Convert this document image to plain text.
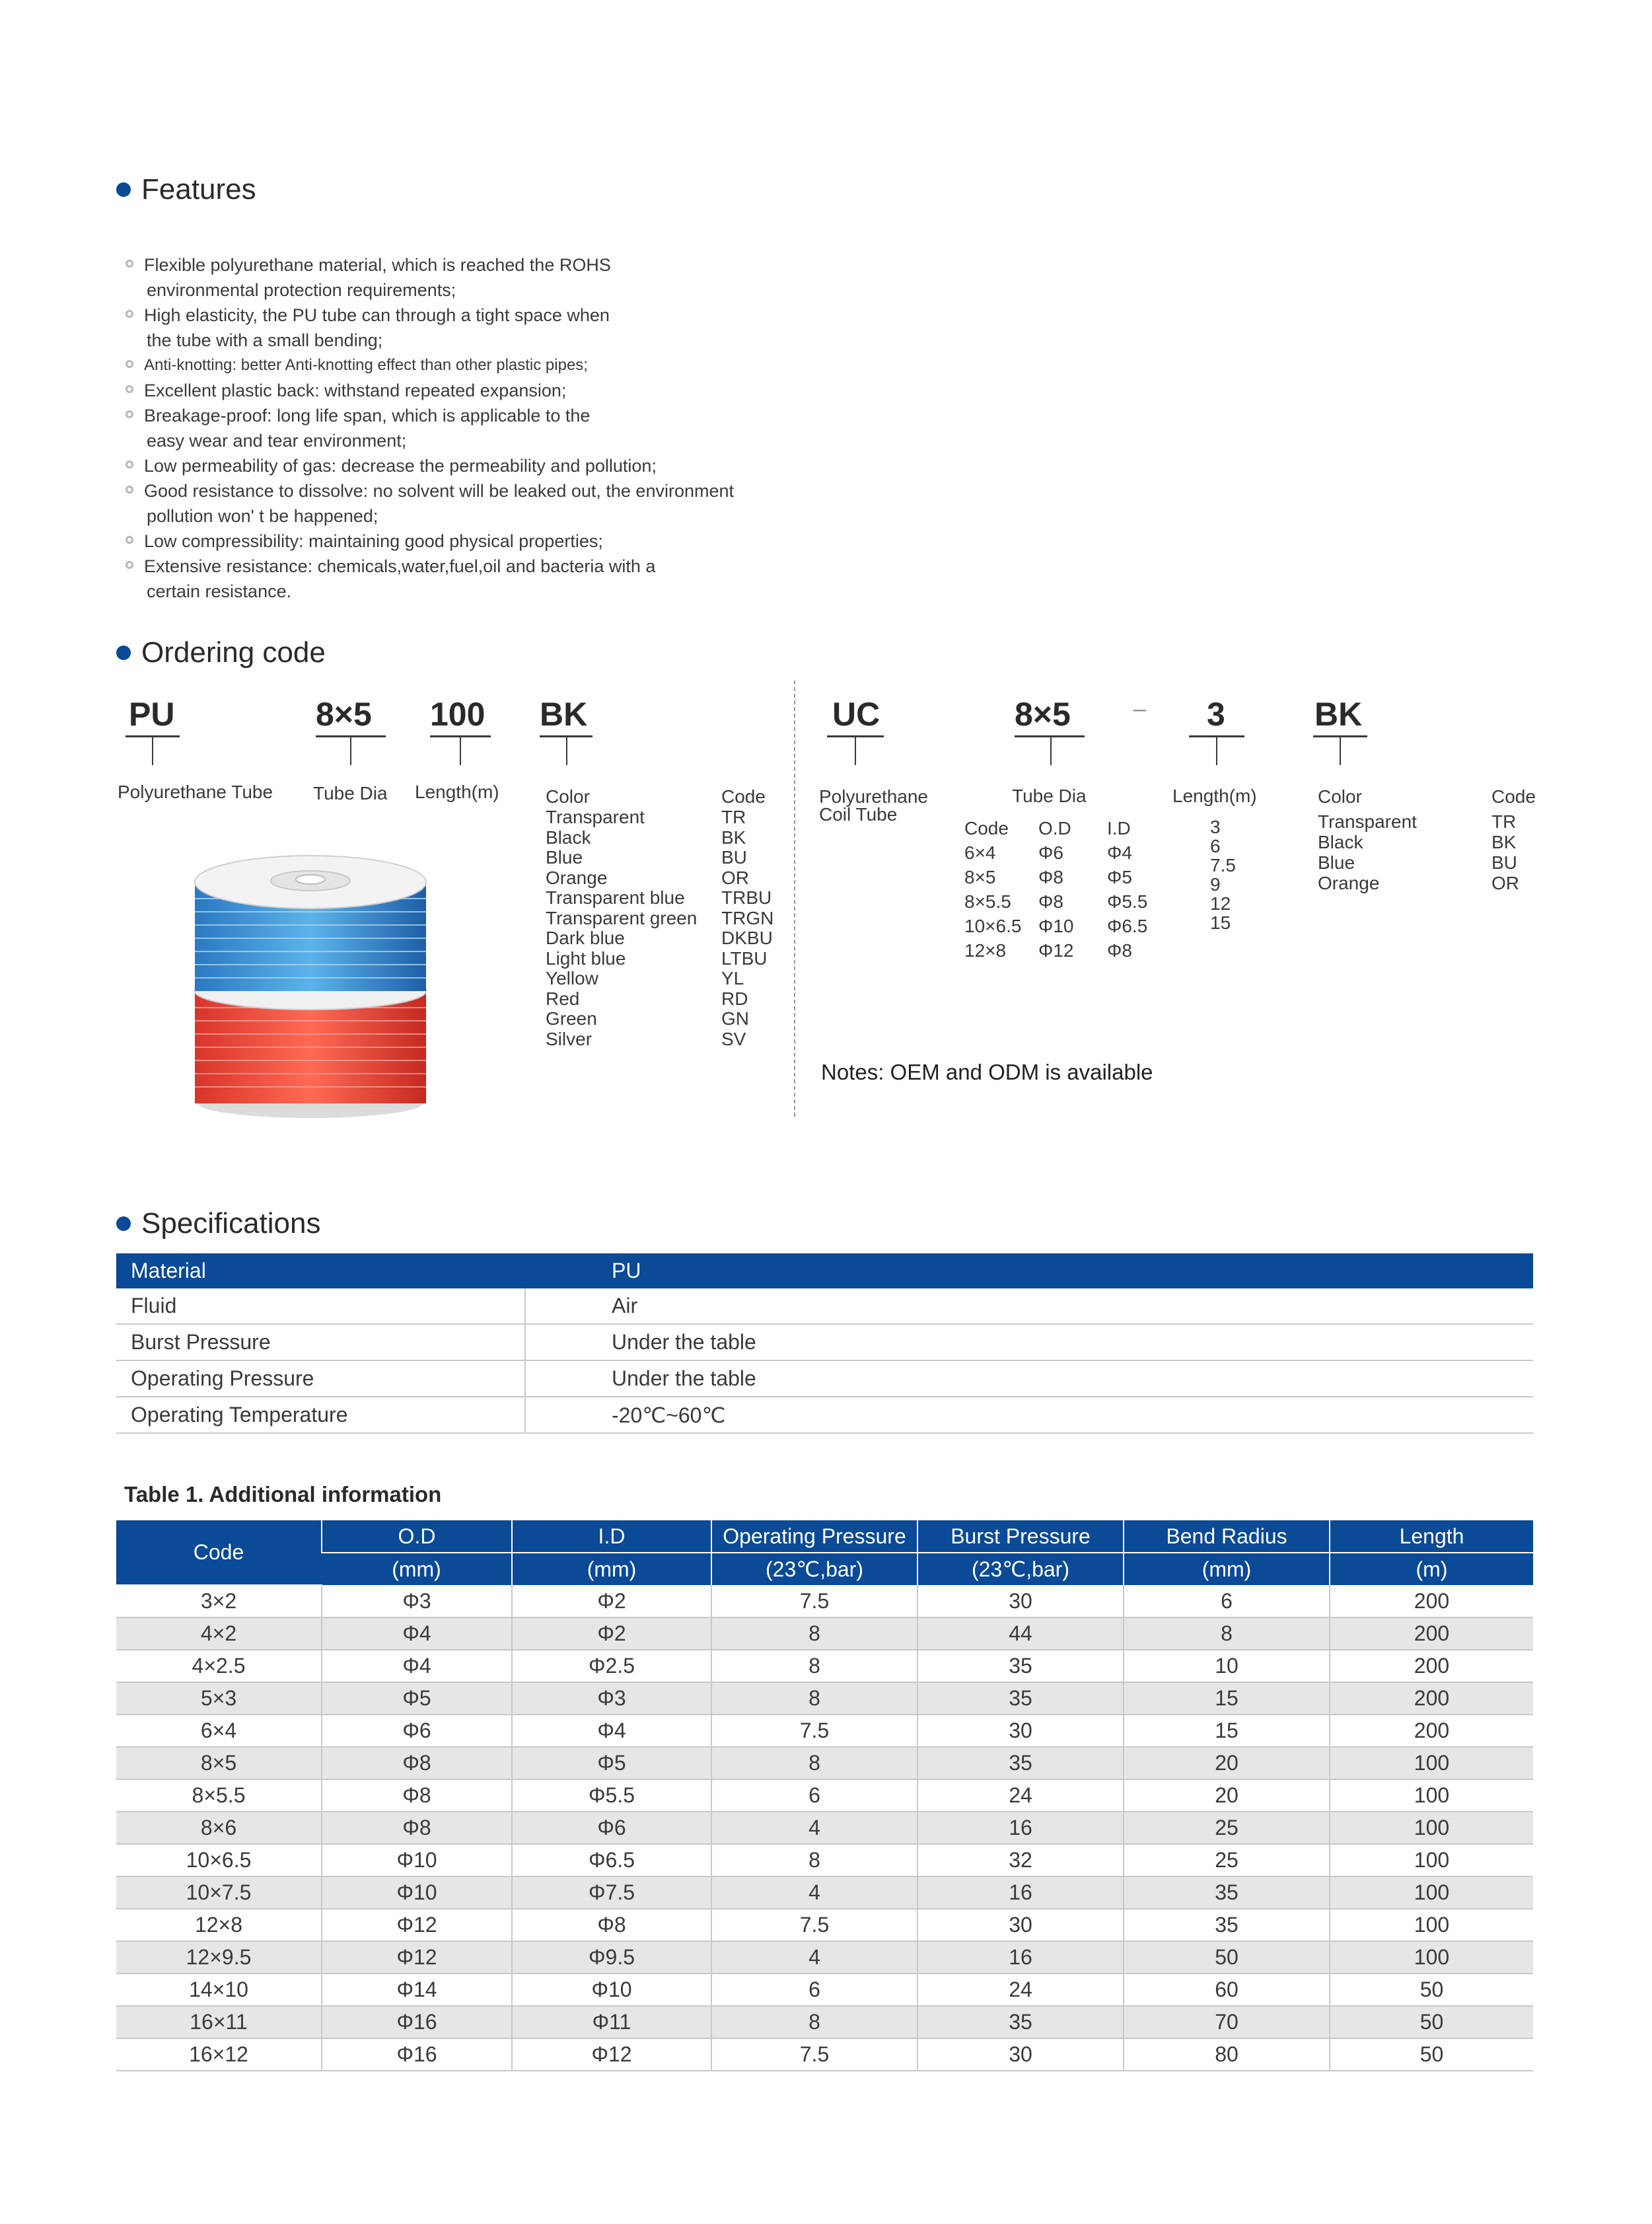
Features

Flexible polyurethane material, which is reached the ROHS
environmental protection requirements;

High elasticity, the PU tube can through a tight space when
the tube with a small bending;

Anti-knotting: better Anti-knotting effect than other plastic pipes;

Excellent plastic back: withstand repeated expansion;

Breakage-proof: long life span, which is applicable to the
easy wear and tear environment;

Low permeability of gas: decrease the permeability and pollution;

Good resistance to dissolve: no solvent will be leaked out, the environment
pollution won' t be happened;

Low compressibility: maintaining good physical properties;

Extensive resistance: chemicals,water,fuel,oil and bacteria with a
certain resistance.

Ordering code
PU	8×5 100 BK
Polyurethane Tube Tube Dia Length(m)	Color	Code
Transparent	TR
Black	BK
Blue	BU
Orange	OR
Transparent blue	TRBU
Transparent green	TRGN
Dark blue	DKBU
Light blue	LTBU
Yellow	YL
Red	RD
Green	GN
Silver	SV
UC	8×5	– 3	BK
Polyurethane
Coil Tube
Tube Dia	Length(m)
Code	O.D	I.D
6×4	Φ6	Φ4
8×5	Φ8	Φ5
8×5.5	Φ8	Φ5.5
10×6.5 Φ10	Φ6.5
12×8	Φ12	Φ8
3
6
7.5
9
12
15
Color	Code
Transparent	TR
Black	BK
Blue	BU
Orange	OR
Notes: OEM and ODM is available
Specifications
Material	PU
Fluid	Air
Burst Pressure	Under the table
Operating Pressure	Under the table
Operating Temperature	-20℃~60℃
Table 1. Additional information
Code	O.D	I.D	Operating Pressure	Burst Pressure	Bend Radius	Length
	(mm)	(mm)	(23℃,bar)	(23℃,bar)	(mm)	(m)
3×2	Φ3	Φ2	7.5	30	6	200
4×2	Φ4	Φ2	8	44	8	200
4×2.5	Φ4	Φ2.5	8	35	10	200
5×3	Φ5	Φ3	8	35	15	200
6×4	Φ6	Φ4	7.5	30	15	200
8×5	Φ8	Φ5	8	35	20	100
8×5.5	Φ8	Φ5.5	6	24	20	100
8×6	Φ8	Φ6	4	16	25	100
10×6.5	Φ10	Φ6.5	8	32	25	100
10×7.5	Φ10	Φ7.5	4	16	35	100
12×8	Φ12	Φ8	7.5	30	35	100
12×9.5	Φ12	Φ9.5	4	16	50	100
14×10	Φ14	Φ10	6	24	60	50
16×11	Φ16	Φ11	8	35	70	50
16×12	Φ16	Φ12	7.5	30	80	50
